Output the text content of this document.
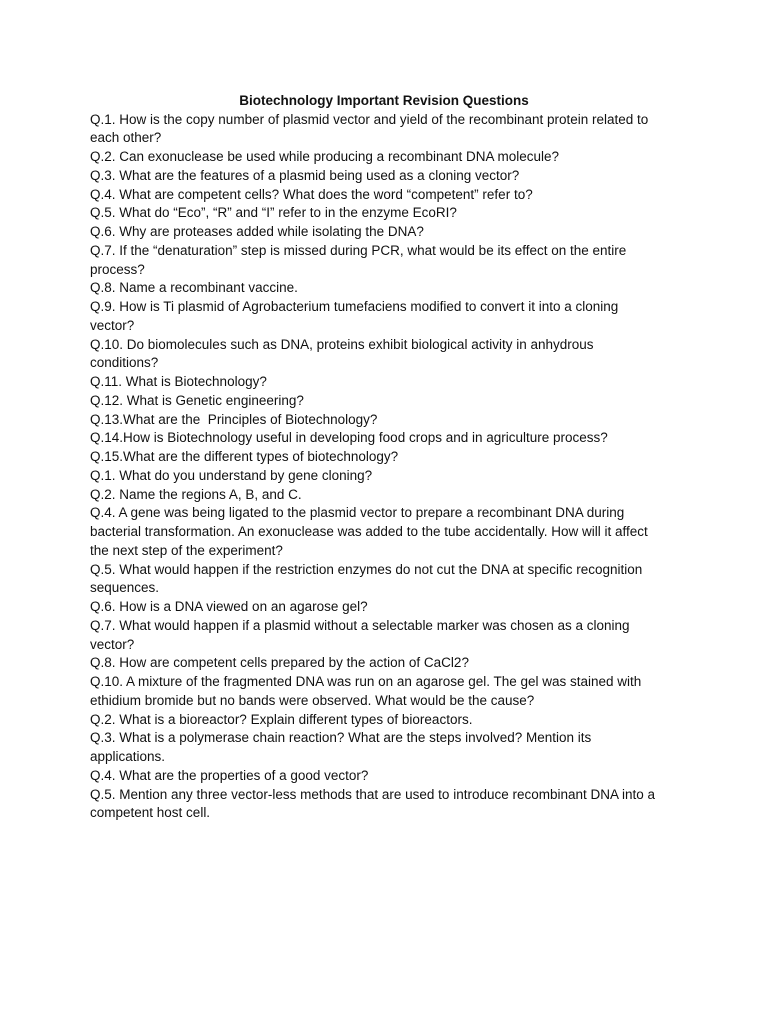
Biotechnology Important Revision Questions
Q.1. How is the copy number of plasmid vector and yield of the recombinant protein related to
each other?
Q.2. Can exonuclease be used while producing a recombinant DNA molecule?
Q.3. What are the features of a plasmid being used as a cloning vector?
Q.4. What are competent cells? What does the word “competent” refer to?
Q.5. What do “Eco”, “R” and “I” refer to in the enzyme EcoRI?
Q.6. Why are proteases added while isolating the DNA?
Q.7. If the “denaturation” step is missed during PCR, what would be its effect on the entire
process?
Q.8. Name a recombinant vaccine.
Q.9. How is Ti plasmid of Agrobacterium tumefaciens modified to convert it into a cloning
vector?
Q.10. Do biomolecules such as DNA, proteins exhibit biological activity in anhydrous
conditions?
Q.11. What is Biotechnology?
Q.12. What is Genetic engineering?
Q.13.What are the  Principles of Biotechnology?
Q.14.How is Biotechnology useful in developing food crops and in agriculture process?
Q.15.What are the different types of biotechnology?
Q.1. What do you understand by gene cloning?
Q.2. Name the regions A, B, and C.
Q.4. A gene was being ligated to the plasmid vector to prepare a recombinant DNA during
bacterial transformation. An exonuclease was added to the tube accidentally. How will it affect
the next step of the experiment?
Q.5. What would happen if the restriction enzymes do not cut the DNA at specific recognition
sequences.
Q.6. How is a DNA viewed on an agarose gel?
Q.7. What would happen if a plasmid without a selectable marker was chosen as a cloning
vector?
Q.8. How are competent cells prepared by the action of CaCl2?
Q.10. A mixture of the fragmented DNA was run on an agarose gel. The gel was stained with
ethidium bromide but no bands were observed. What would be the cause?
Q.2. What is a bioreactor? Explain different types of bioreactors.
Q.3. What is a polymerase chain reaction? What are the steps involved? Mention its
applications.
Q.4. What are the properties of a good vector?
Q.5. Mention any three vector-less methods that are used to introduce recombinant DNA into a
competent host cell.
